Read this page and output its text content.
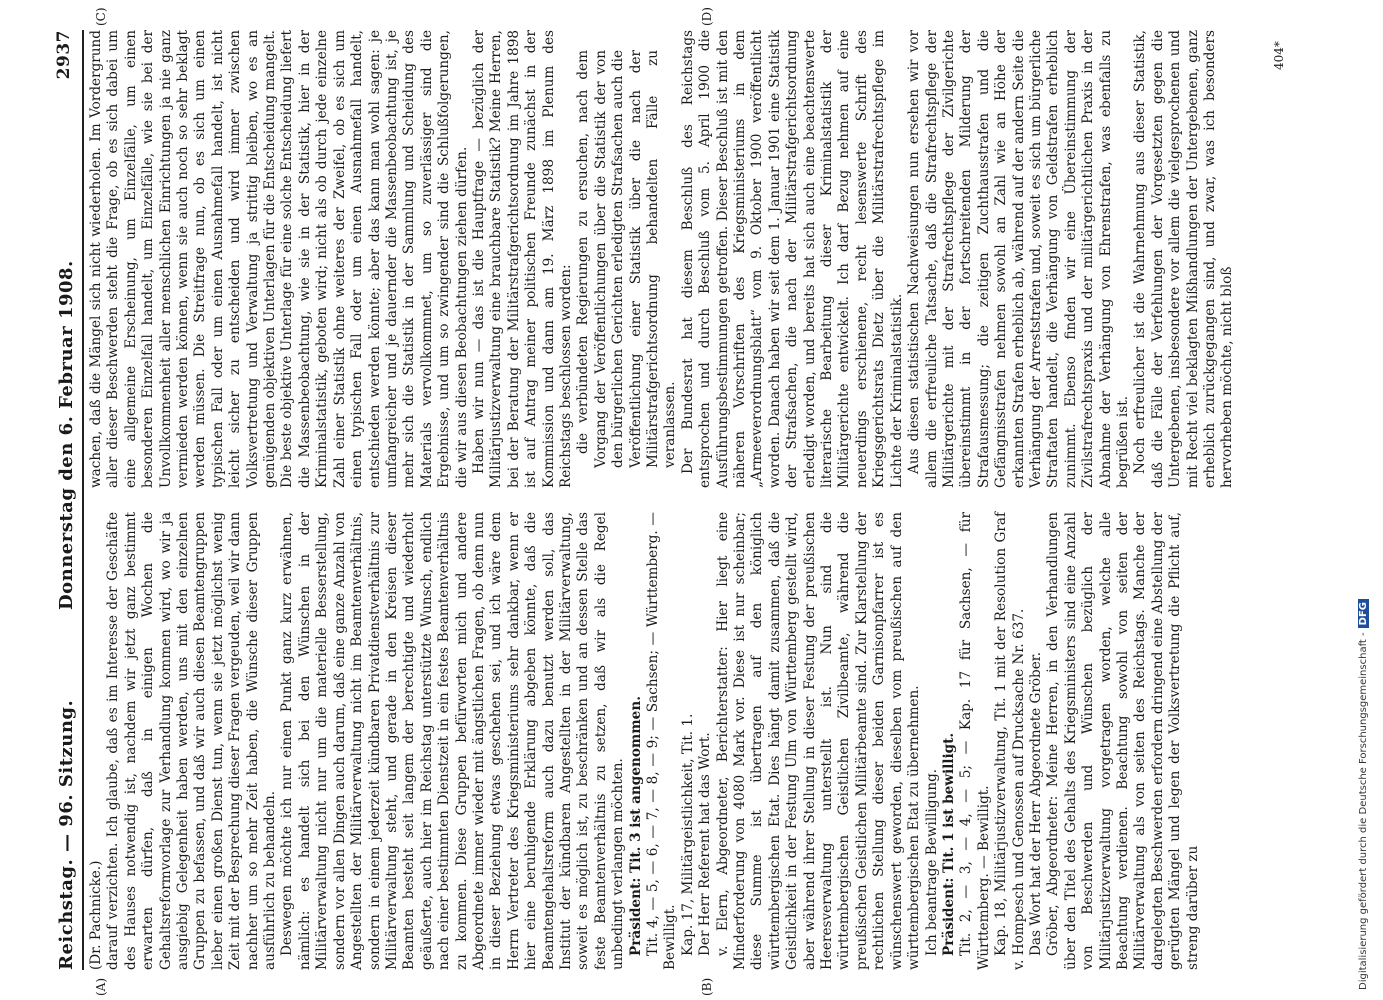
Reichstag. — 96. Sitzung.
Donnerstag den 6. Februar 1908.
2937
(A)	(B)
(C)	(D)

(Dr. Pachnicke.) darauf verzichten. Ich glaube, daß es im Interesse der Geschäfte des Hauses notwendig ist, nachdem wir jetzt ganz bestimmt erwarten dürfen, daß in einigen Wochen die Gehaltsreformvorlage zur Verhandlung kommen wird, wo wir ja ausgiebig Gelegenheit haben werden, uns mit den einzelnen Gruppen zu befassen, und daß wir auch diesen Beamtengruppen lieber einen großen Dienst tun, wenn sie jetzt möglichst wenig Zeit mit der Besprechung dieser Fragen vergeuden, weil wir dann nachher um so mehr Zeit haben, die Wünsche dieser Gruppen ausführlich zu behandeln. Deswegen möchte ich nur einen Punkt ganz kurz erwähnen, nämlich: es handelt sich bei den Wünschen in der Militärverwaltung nicht nur um die materielle Besserstellung, sondern vor allen Dingen auch darum, daß eine ganze Anzahl von Angestellten der Militärverwaltung nicht im Beamtenverhältnis, sondern in einem jederzeit kündbaren Privatdienstverhältnis zur Militärverwaltung steht, und gerade in den Kreisen dieser Beamten besteht seit langem der berechtigte und wiederholt geäußerte, auch hier im Reichstag unterstützte Wunsch, endlich nach einer bestimmten Dienstzeit in ein festes Beamtenverhältnis zu kommen. Diese Gruppen befürworten mich und andere Abgeordnete immer wieder mit ängstlichen Fragen, ob denn nun in dieser Beziehung etwas geschehen sei, und ich wäre dem Herrn Vertreter des Kriegsministeriums sehr dankbar, wenn er hier eine beruhigende Erklärung abgeben könnte, daß die Beamtengehaltsreform auch dazu benutzt werden soll, das Institut der kündbaren Angestellten in der Militärverwaltung, soweit es möglich ist, zu beschränken und an dessen Stelle das feste Beamtenverhältnis zu setzen, daß wir als die Regel unbedingt verlangen möchten. Präsident: Tit. 3 ist angenommen. Tit. 4, — 5, — 6, — 7, — 8, — 9; — Sachsen; — Württemberg. — Bewilligt. Kap. 17, Militärgeistlichkeit, Tit. 1. Der Herr Referent hat das Wort. v. Elern, Abgeordneter, Berichterstatter: Hier liegt eine Minderforderung von 4080 Mark vor. Diese ist nur scheinbar; diese Summe ist übertragen auf den königlich württembergischen Etat. Dies hängt damit zusammen, daß die Geistlichkeit in der Festung Ulm von Württemberg gestellt wird, aber während ihrer Stellung in dieser Festung der preußischen Heeresverwaltung unterstellt ist. Nun sind die württembergischen Geistlichen Zivilbeamte, während die preußischen Geistlichen Militärbeamte sind. Zur Klarstellung der rechtlichen Stellung dieser beiden Garnisonpfarrer ist es wünschenswert geworden, dieselben vom preußischen auf den württembergischen Etat zu übernehmen. Ich beantrage Bewilligung. Präsident: Tit. 1 ist bewilligt. Tit. 2, — 3, — 4, — 5; — Kap. 17 für Sachsen, — für Württemberg. — Bewilligt. Kap. 18, Militärjustizverwaltung, Tit. 1 mit der Resolution Graf v. Hompesch und Genossen auf Drucksache Nr. 637. Das Wort hat der Herr Abgeordnete Gröber. Gröber, Abgeordneter: Meine Herren, in den Verhandlungen über den Titel des Gehalts des Kriegsministers sind eine Anzahl von Beschwerden und Wünschen bezüglich der Militärjustizverwaltung vorgetragen worden, welche alle Beachtung verdienen. Beachtung sowohl von seiten der Militärverwaltung als von seiten des Reichstags. Manche der dargelegten Beschwerden erfordern dringend eine Abstellung der gerügten Mängel und legen der Volksvertretung die Pflicht auf, streng darüber zu

wachen, daß die Mängel sich nicht wiederholen. Im Vordergrund aller dieser Beschwerden steht die Frage, ob es sich dabei um eine allgemeine Erscheinung, um Einzelfälle, um einen besonderen Einzelfall handelt, um Einzelfälle, wie sie bei der Unvollkommenheit aller menschlichen Einrichtungen ja nie ganz vermieden werden können, wenn sie auch noch so sehr beklagt werden müssen. Die Streitfrage nun, ob es sich um einen typischen Fall oder um einen Ausnahmefall handelt, ist nicht leicht sicher zu entscheiden und wird immer zwischen Volksvertretung und Verwaltung ja strittig bleiben, wo es an genügenden objektiven Unterlagen für die Entscheidung mangelt. Die beste objektive Unterlage für eine solche Entscheidung liefert die Massenbeobachtung, wie sie in der Statistik, hier in der Kriminalstatistik, geboten wird; nicht als ob durch jede einzelne Zahl einer Statistik ohne weiteres der Zweifel, ob es sich um einen typischen Fall oder um einen Ausnahmefall handelt, entschieden werden könnte; aber das kann man wohl sagen: je umfangreicher und je dauernder die Massenbeobachtung ist, je mehr sich die Statistik in der Sammlung und Scheidung des Materials vervollkommnet, um so zuverlässiger sind die Ergebnisse, und um so zwingender sind die Schlußfolgerungen, die wir aus diesen Beobachtungen ziehen dürfen. Haben wir nun — das ist die Hauptfrage — bezüglich der Militärjustizverwaltung eine brauchbare Statistik? Meine Herren, bei der Beratung der Militärstrafgerichtsordnung im Jahre 1898 ist auf Antrag meiner politischen Freunde zunächst in der Kommission und dann am 19. März 1898 im Plenum des Reichstags beschlossen worden: die verbündeten Regierungen zu ersuchen, nach dem Vorgang der Veröffentlichungen über die Statistik der von den bürgerlichen Gerichten erledigten Strafsachen auch die Veröffentlichung einer Statistik über die nach der Militärstrafgerichtsordnung behandelten Fälle zu veranlassen. Der Bundesrat hat diesem Beschluß des Reichstags entsprochen und durch Beschluß vom 5. April 1900 die Ausführungsbestimmungen getroffen. Dieser Beschluß ist mit den näheren Vorschriften des Kriegsministeriums in dem „Armeeverordnungsblatt“ vom 9. Oktober 1900 veröffentlicht worden. Danach haben wir seit dem 1. Januar 1901 eine Statistik der Strafsachen, die nach der Militärstrafgerichtsordnung erledigt worden, und bereits hat sich auch eine beachtenswerte literarische Bearbeitung dieser Kriminalstatistik der Militärgerichte entwickelt. Ich darf Bezug nehmen auf eine neuerdings erschienene, recht lesenswerte Schrift des Kriegsgerichtsrats Dietz über die Militärstrafrechtspflege im Lichte der Kriminalstatistik. Aus diesen statistischen Nachweisungen nun ersehen wir vor allem die erfreuliche Tatsache, daß die Strafrechtspflege der Militärgerichte mit der Strafrechtspflege der Zivilgerichte übereinstimmt in der fortschreitenden Milderung der Strafausmessung; die zeitigen Zuchthausstrafen und die Gefängnisstrafen nehmen sowohl an Zahl wie an Höhe der erkannten Strafen erheblich ab, während auf der andern Seite die Verhängung der Arreststrafen und, soweit es sich um bürgerliche Straftaten handelt, die Verhängung von Geldstrafen erheblich zunimmt. Ebenso finden wir eine Übereinstimmung der Zivilstrafrechtspraxis und der militärgerichtlichen Praxis in der Abnahme der Verhängung von Ehrenstrafen, was ebenfalls zu begrüßen ist. Noch erfreulicher ist die Wahrnehmung aus dieser Statistik, daß die Fälle der Verfehlungen der Vorgesetzten gegen die Untergebenen, insbesondere vor allem die vielgesprochenen und mit Recht viel beklagten Mißhandlungen der Untergebenen, ganz erheblich zurückgegangen sind, und zwar, was ich besonders hervorheben möchte, nicht bloß

404*
Digitalisierung gefördert durch die Deutsche Forschungsgemeinschaft -DFG
